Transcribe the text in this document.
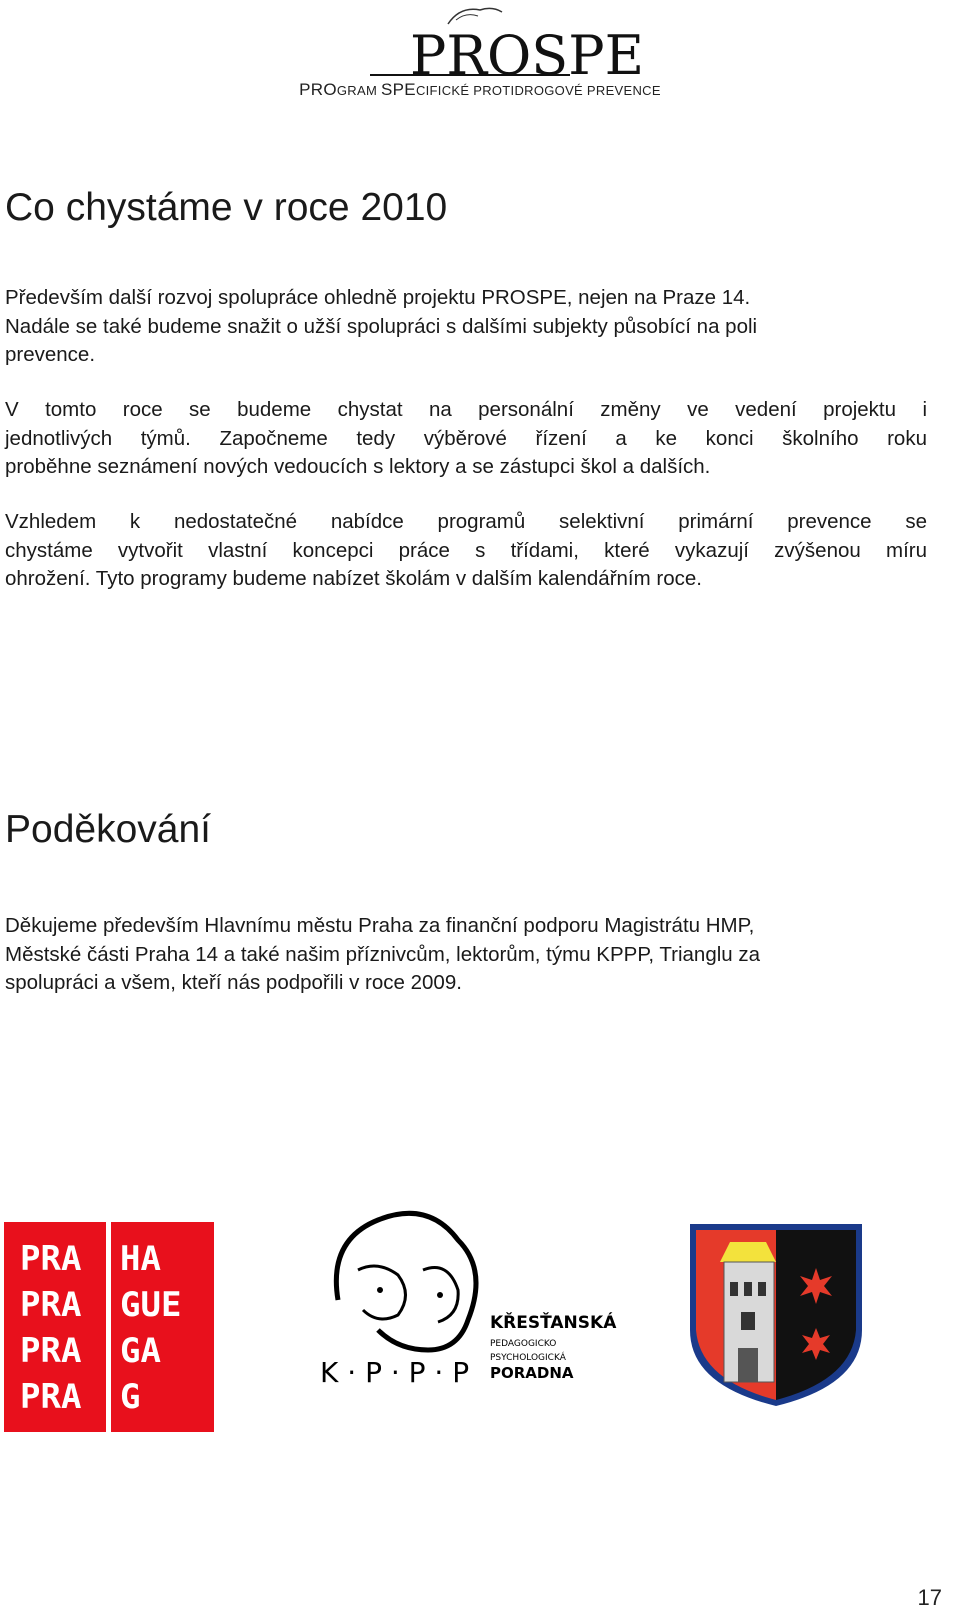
PROSPE
PROGRAM SPECIFICKÉ PROTIDROGOVÉ PREVENCE
Co chystáme v roce 2010
Především další rozvoj spolupráce ohledně projektu PROSPE, nejen na Praze 14.
Nadále se také budeme snažit o užší spolupráci s dalšími subjekty působící na poli
prevence.
V tomto roce se budeme chystat na personální změny ve vedení projektu i
jednotlivých týmů. Započneme tedy výběrové řízení a ke konci školního roku
proběhne seznámení nových vedoucích s lektory a se zástupci škol a dalších.
Vzhledem k nedostatečné nabídce programů selektivní primární prevence se
chystáme vytvořit vlastní koncepci práce s třídami, které vykazují zvýšenou míru
ohrožení. Tyto programy budeme nabízet školám v dalším kalendářním roce.
Poděkování
Děkujeme především Hlavnímu městu Praha za finanční podporu Magistrátu HMP,
Městské části Praha 14 a také našim příznivcům, lektorům, týmu KPPP, Trianglu za
spolupráci a všem, kteří nás podpořili v roce 2009.
PRA
PRA
PRA
PRA
HA
GUE
GA
G
K · P · P · P
KŘESŤANSKÁ
PEDAGOGICKO
PSYCHOLOGICKÁ
PORADNA
17
